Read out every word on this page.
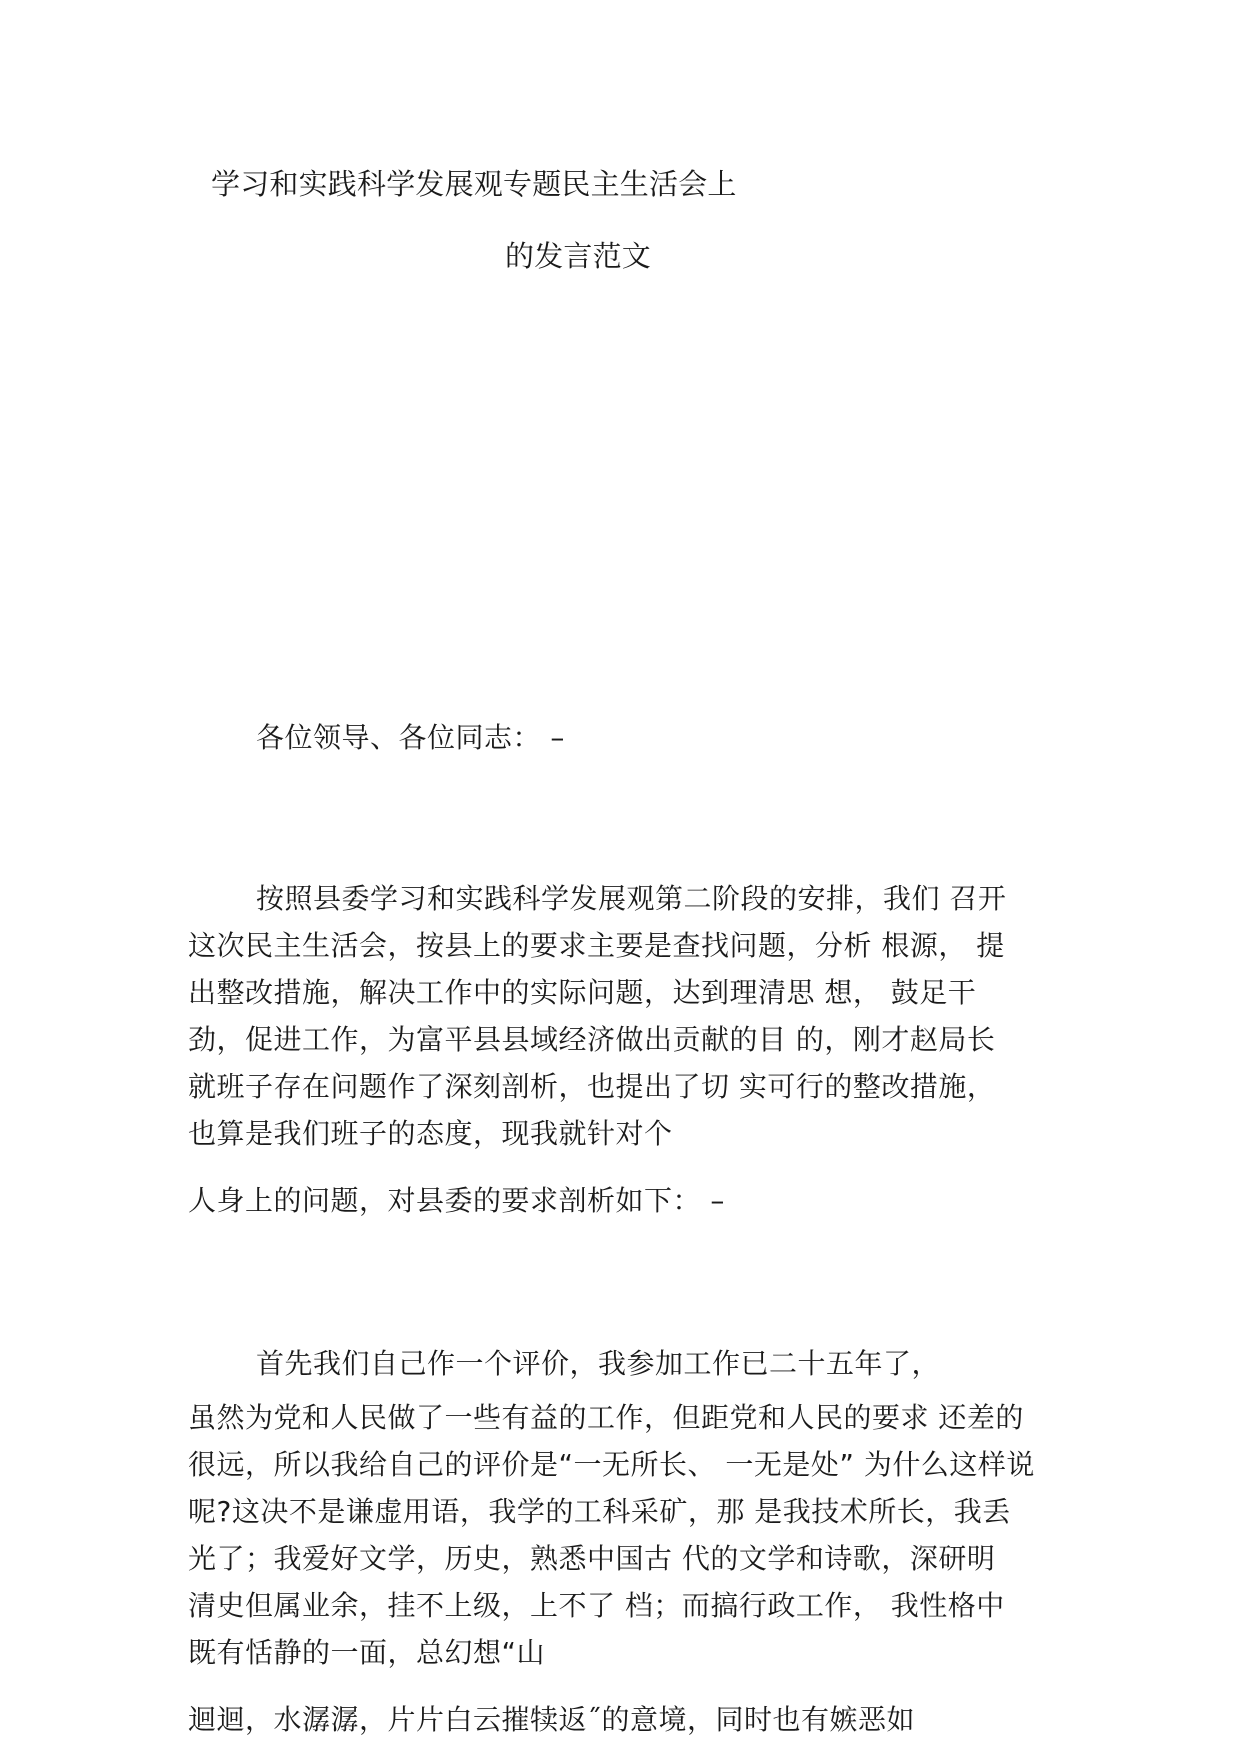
学习和实践科学发展观专题民主生活会上
的发言范文
各位领导、各位同志： –
按照县委学习和实践科学发展观第二阶段的安排，我们 召开
这次民主生活会，按县上的要求主要是查找问题，分析 根源， 提
出整改措施，解决工作中的实际问题，达到理清思 想， 鼓足干
劲，促进工作，为富平县县域经济做出贡献的目 的，刚才赵局长
就班子存在问题作了深刻剖析，也提出了切 实可行的整改措施，
也算是我们班子的态度，现我就针对个
人身上的问题，对县委的要求剖析如下： –
首先我们自己作一个评价，我参加工作已二十五年了，
虽然为党和人民做了一些有益的工作，但距党和人民的要求 还差的
很远，所以我给自己的评价是“一无所长、 一无是处” 为什么这样说
呢?这决不是谦虚用语，我学的工科采矿，那 是我技术所长，我丢
光了；我爱好文学，历史，熟悉中国古 代的文学和诗歌，深研明
清史但属业余，挂不上级，上不了 档；而搞行政工作， 我性格中
既有恬静的一面，总幻想“山
迴迴，水潺潺，片片白云摧犊返˝的意境，同时也有嫉恶如
